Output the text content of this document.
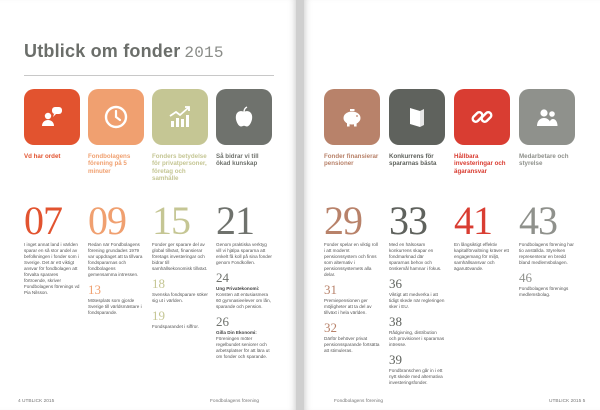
Utblick om fonder 2015
Vd har ordet
07
I inget annat land i världen sparar en så stor andel av befolkningen i fonder som i Sverige. Det är ett viktigt ansvar för fondbolagen att förvalta sparares förtroende, skriver Fondbolagens förenings vd Pia Nilsson.
Fondbolagens förening på 5 minuter
09
Redan när Fondbolagens förening grundades 1979 var uppdraget att ta tillvara fondspararnas och fondbolagens gemensamma intressen.
13
Mötesplats som gjorde Sverige till världsmästare i fondsparande.
Fonders betydelse för privatpersoner, företag och samhälle
15
Fonder ger sparare del av global tillväxt, finansierar företags investeringar och bidrar till samhällsekonomisk tillväxt.
18
Svenska fondsparare söker sig ut i världen.
19
Fondsparandet i siffror.
Så bidrar vi till ökad kunskap
21
Genom praktiska verktyg vill vi hjälpa spararna att enkelt få koll på sina fonder genom Fondkollen.
24
Ung Privatekonomi: Konsten att entusiasmera 60 gymnasieelever om lån, sparande och pension.
26
Gilla Din Ekonomi: Föreningen möter regelbundet seniorer och arbetsplatser för att lära ut om fonder och sparande.
4 UTBLICK 2015	Fondbolagens förening
Fonder finansierar pensioner
29
Fonder spelar en viktig roll i att modernt pensionssystem och finns som alternativ i pensionssystemets alla delar.
31
Premiepensionen ger möjligheter att ta del av tillväxt i hela världen.
32
Därför behöver privat pensionssparande fortsätta att stimuleras.
Konkurrens för spararnas bästa
33
Med en hälsosam konkurrens skapar en fondmarknad där spararnas behov och önskemål hamnar i fokus.
36
Viktigt att medverka i att tidigt skede när regleringen sker i EU.
38
Rådgivning, distribution och provisioner i spararnas intresse.
39
Fondbranschen går in i ett nytt skede med alternativa investeringsfonder.
Hållbara investeringar och ägaransvar
41
En långsiktigt effektiv kapitalförvaltning kräver ett engagemang för miljö, samhällsansvar och ägarutövande.
Medarbetare och styrelse
43
Fondbolagens förening har tio anställda. Styrelsen representerar en bredd bland medlemsbolagen.
46
Fondbolagens förenings medlemsbolag.
Fondbolagens förening	UTBLICK 2015 5
